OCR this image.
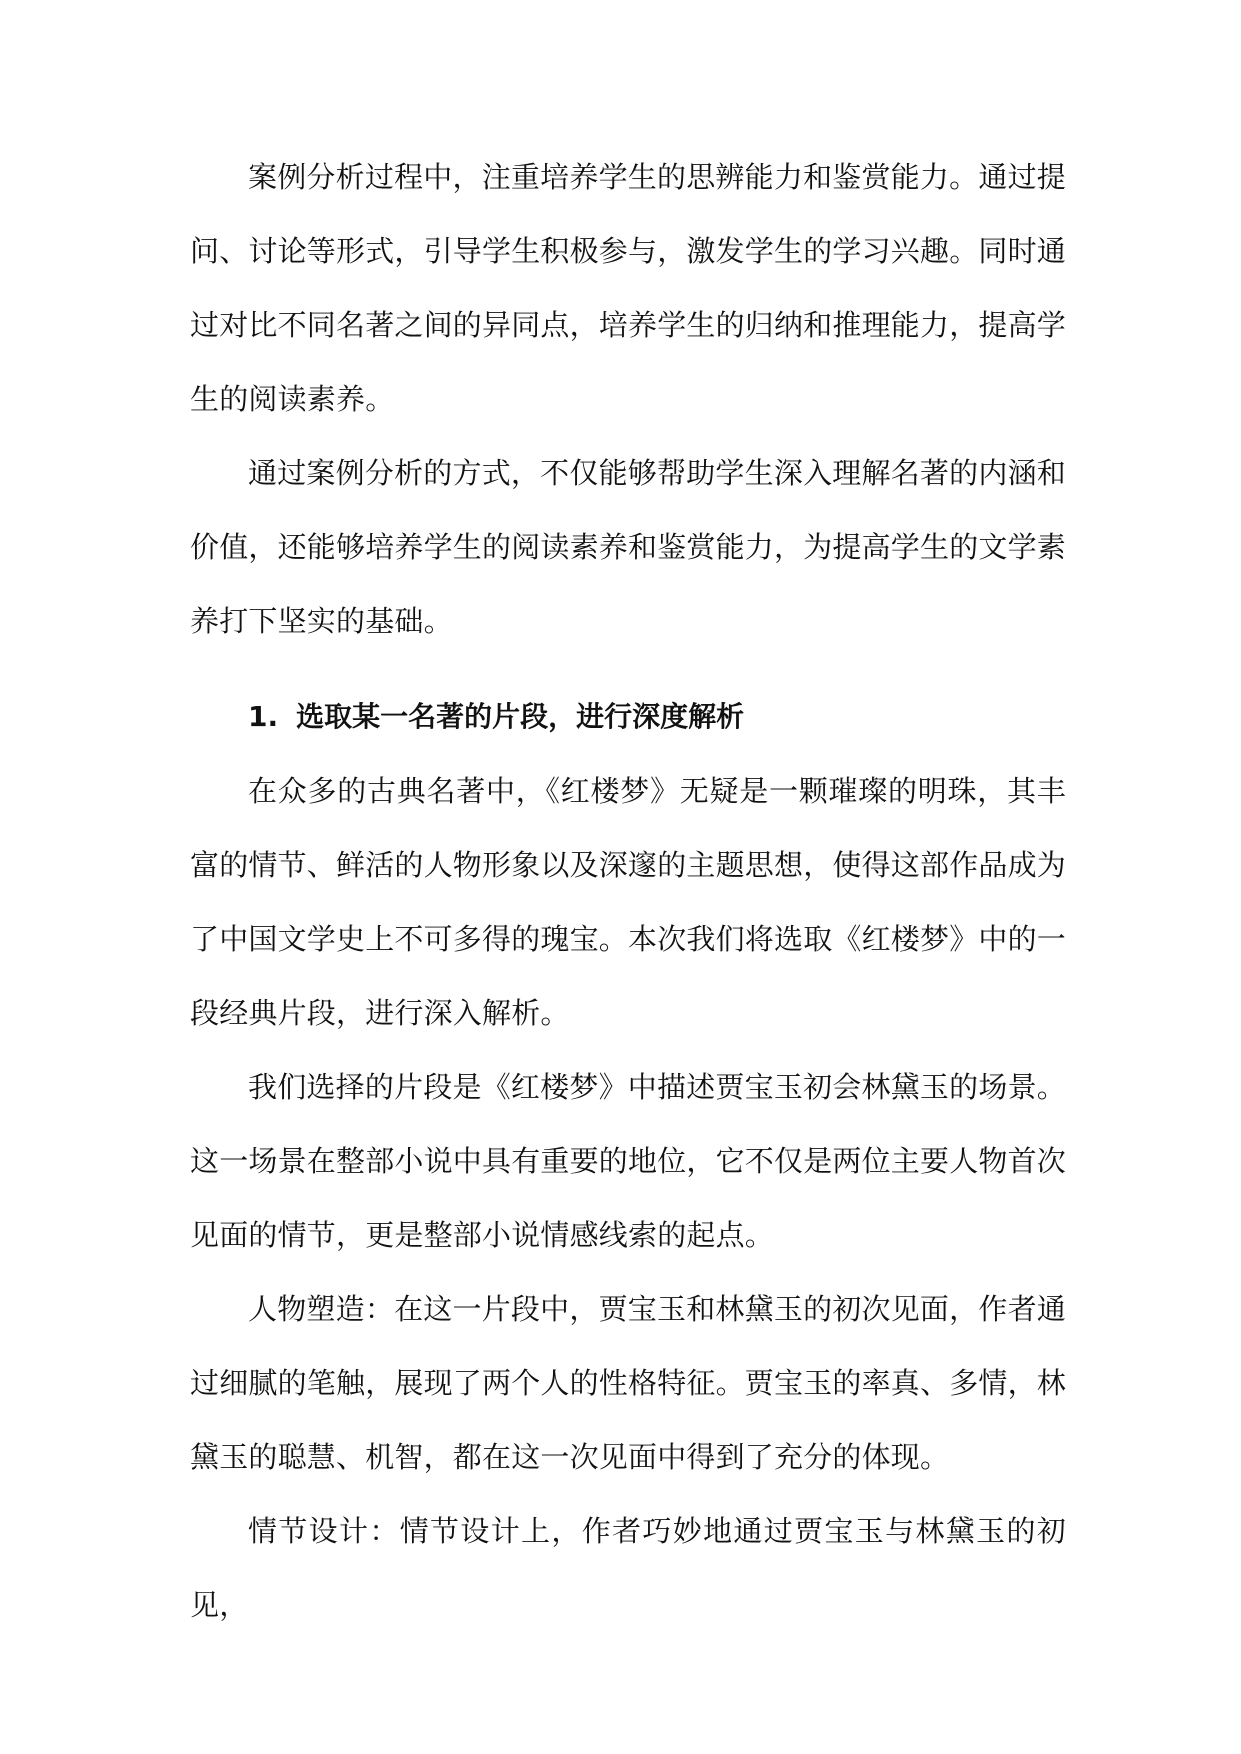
案例分析过程中，注重培养学生的思辨能力和鉴赏能力。通过提问、讨论等形式，引导学生积极参与，激发学生的学习兴趣。同时通过对比不同名著之间的异同点，培养学生的归纳和推理能力，提高学生的阅读素养。

通过案例分析的方式，不仅能够帮助学生深入理解名著的内涵和价值，还能够培养学生的阅读素养和鉴赏能力，为提高学生的文学素养打下坚实的基础。

1. 选取某一名著的片段，进行深度解析

在众多的古典名著中，《红楼梦》无疑是一颗璀璨的明珠，其丰富的情节、鲜活的人物形象以及深邃的主题思想，使得这部作品成为了中国文学史上不可多得的瑰宝。本次我们将选取《红楼梦》中的一段经典片段，进行深入解析。

我们选择的片段是《红楼梦》中描述贾宝玉初会林黛玉的场景。这一场景在整部小说中具有重要的地位，它不仅是两位主要人物首次见面的情节，更是整部小说情感线索的起点。

人物塑造：在这一片段中，贾宝玉和林黛玉的初次见面，作者通过细腻的笔触，展现了两个人的性格特征。贾宝玉的率真、多情，林黛玉的聪慧、机智，都在这一次见面中得到了充分的体现。

情节设计：情节设计上，作者巧妙地通过贾宝玉与林黛玉的初见，
